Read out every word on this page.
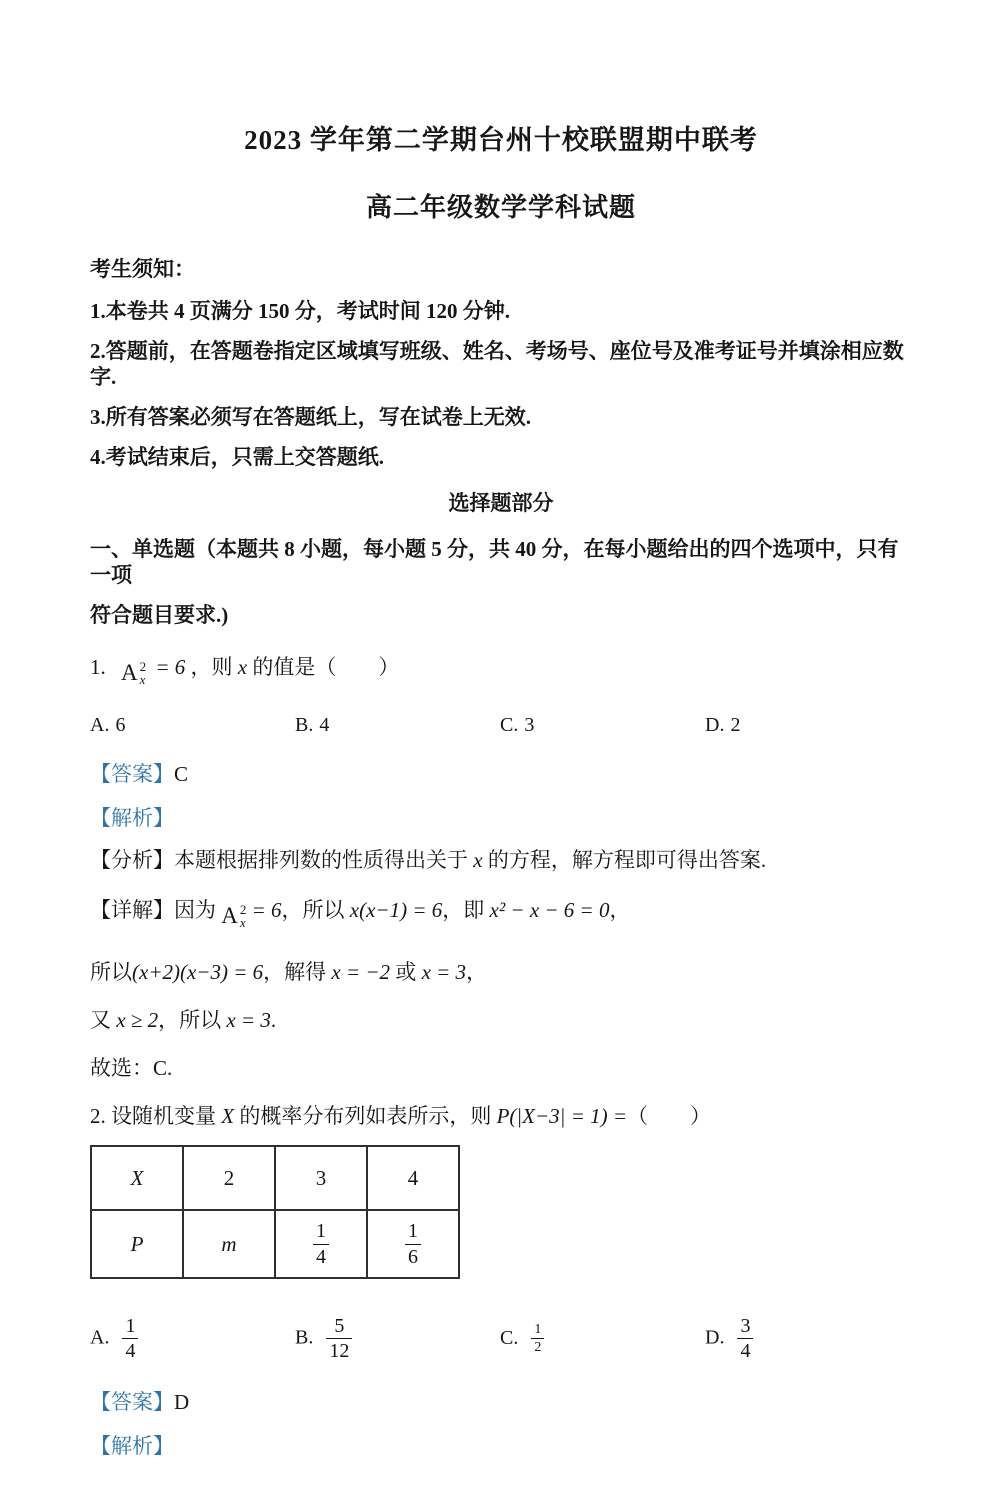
2023 学年第二学期台州十校联盟期中联考
高二年级数学学科试题
考生须知：
1.本卷共 4 页满分 150 分，考试时间 120 分钟.
2.答题前，在答题卷指定区域填写班级、姓名、考场号、座位号及准考证号并填涂相应数字.
3.所有答案必须写在答题纸上，写在试卷上无效.
4.考试结束后，只需上交答题纸.
选择题部分
一、单选题（本题共 8 小题，每小题 5 分，共 40 分，在每小题给出的四个选项中，只有一项
符合题目要求.)
1. A 2
x
= 6 ，则 x 的值是（　　）
A. 6	B. 4	C. 3	D. 2
【答案】C
【解析】
【分析】本题根据排列数的性质得出关于 x 的方程，解方程即可得出答案.
【详解】因为 A 2
x
= 6，所以 x(x−1) = 6，即 x² − x − 6 = 0，
所以(x+2)(x−3) = 6，解得 x = −2 或 x = 3，
又 x ≥ 2，所以 x = 3.
故选：C.
2. 设随机变量 X 的概率分布列如表所示，则 P(|X−3| = 1) =（　　）
X	2	3	4
P	m	$\frac{1}{4}$	$\frac{1}{6}$
A. $\frac{1}{4}$	B. $\frac{5}{12}$	C. $\frac{1}{2}$	D. $\frac{3}{4}$
【答案】D
【解析】
